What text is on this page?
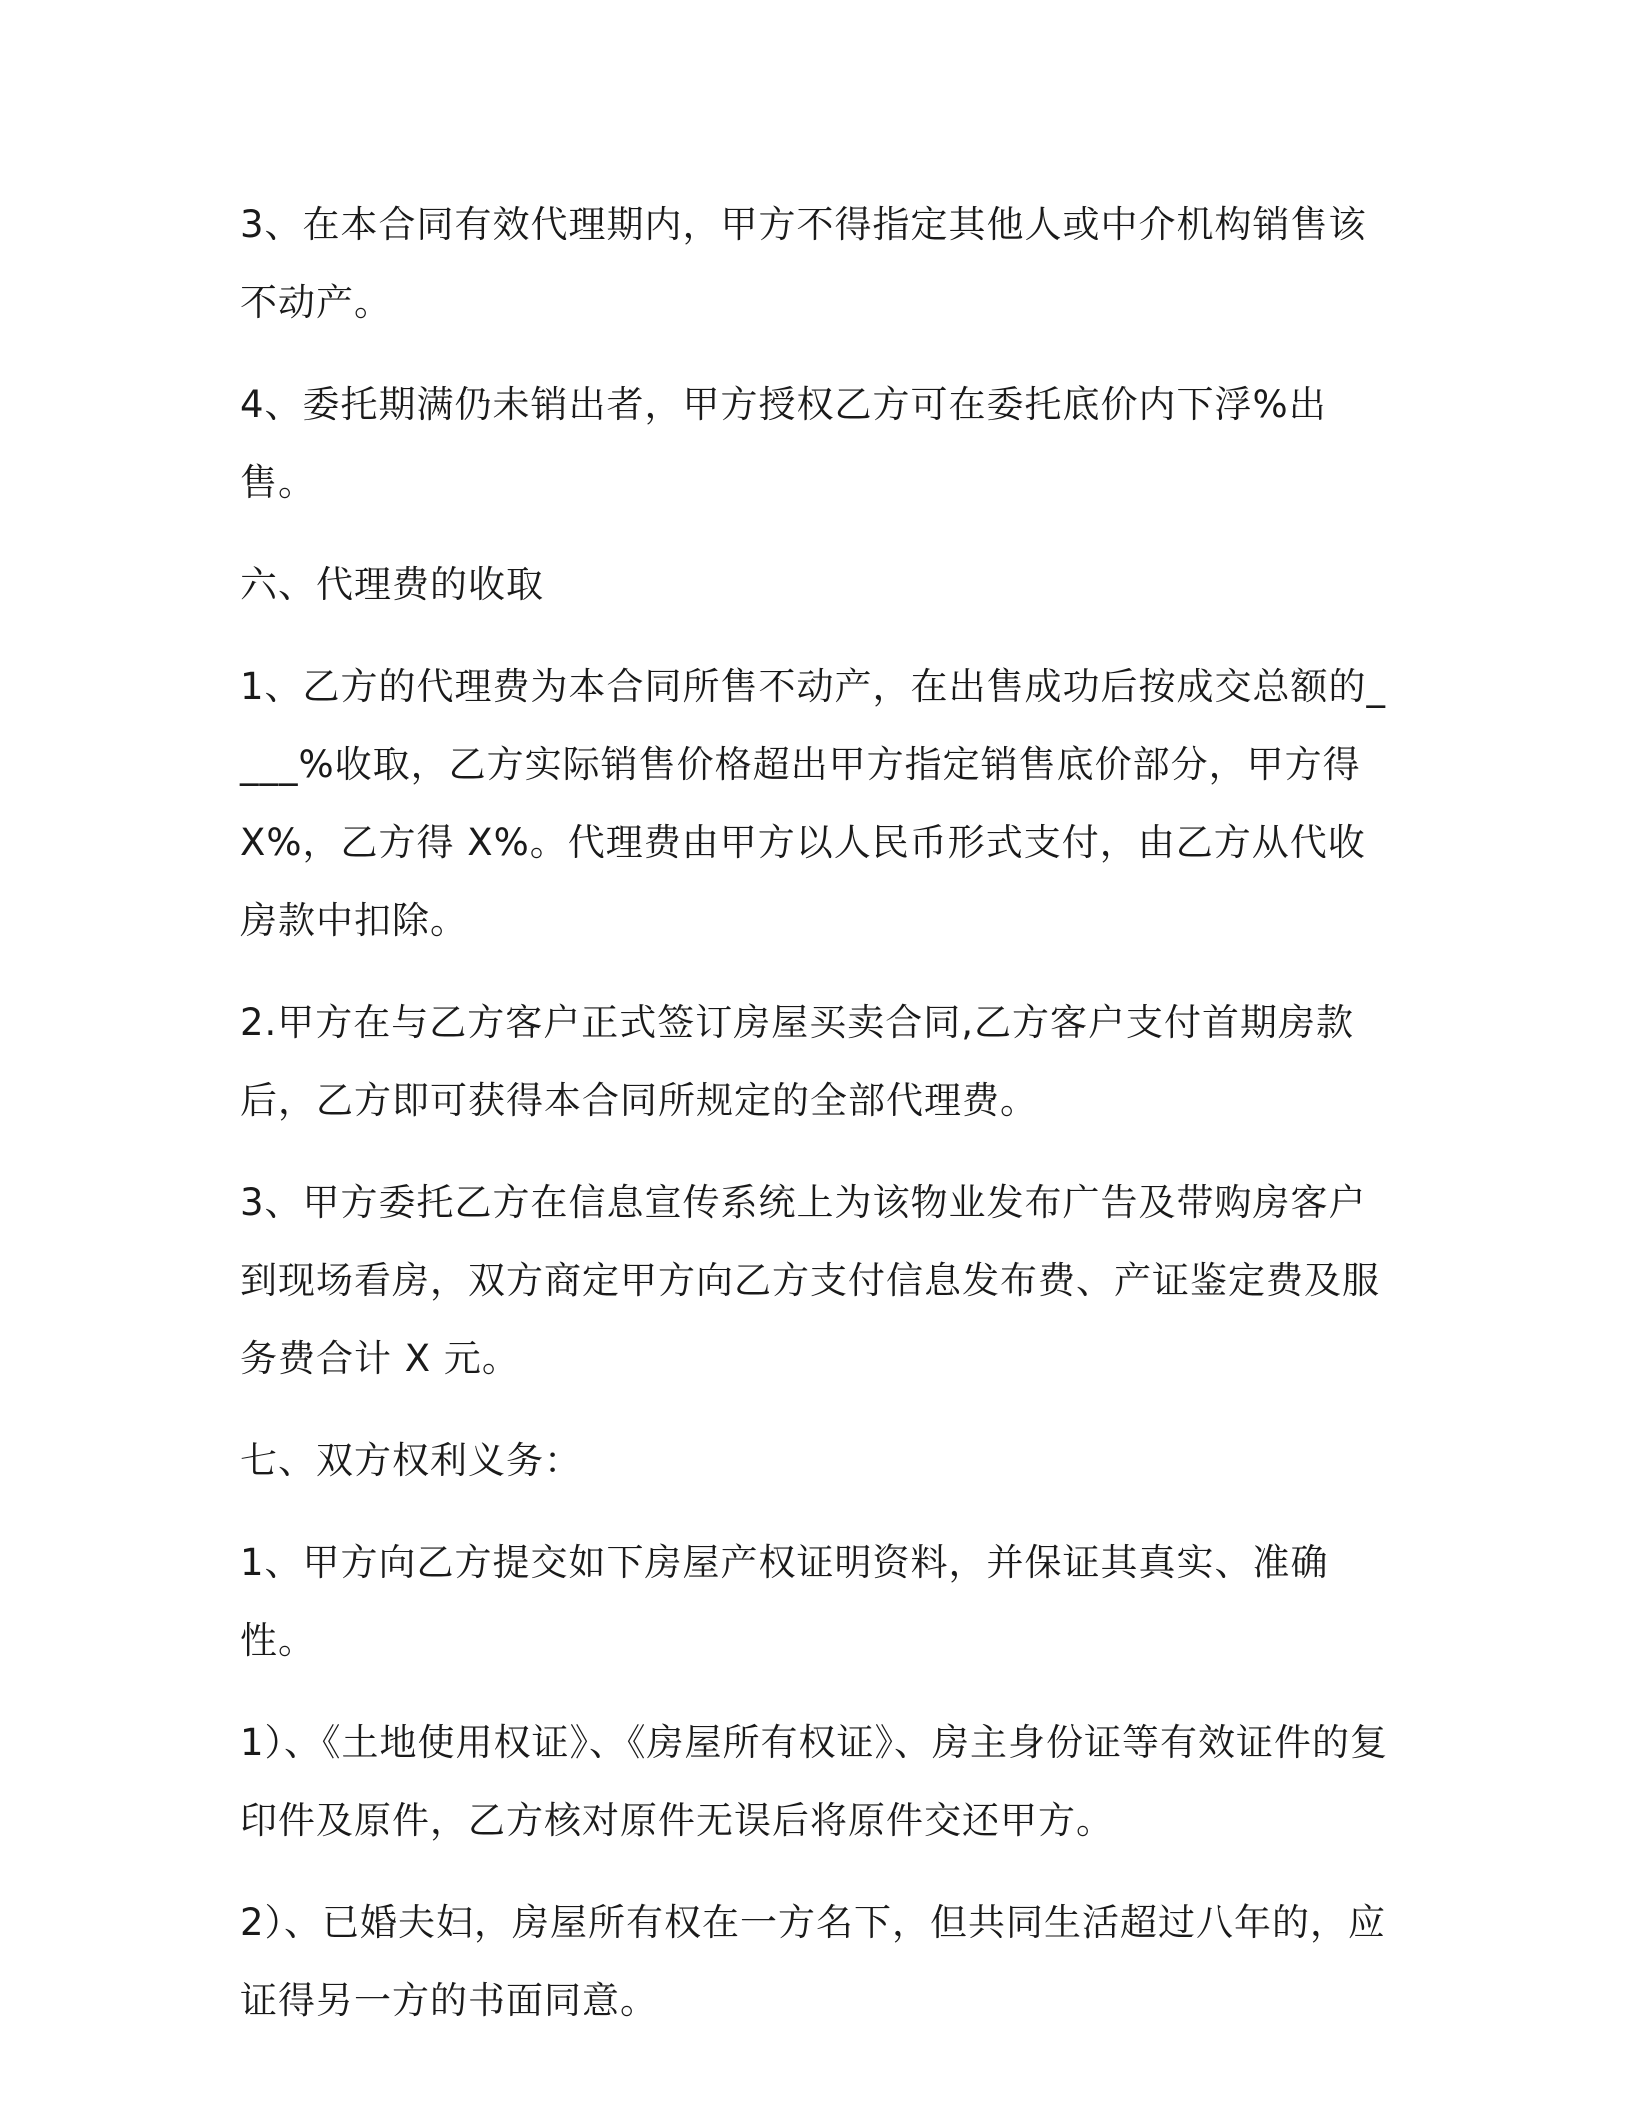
3、在本合同有效代理期内，甲方不得指定其他人或中介机构销售该不动产。

4、委托期满仍未销出者，甲方授权乙方可在委托底价内下浮%出售。

六、代理费的收取

1、乙方的代理费为本合同所售不动产，在出售成功后按成交总额的____%收取，乙方实际销售价格超出甲方指定销售底价部分，甲方得X%，乙方得 X%。代理费由甲方以人民币形式支付，由乙方从代收房款中扣除。

2.甲方在与乙方客户正式签订房屋买卖合同,乙方客户支付首期房款后，乙方即可获得本合同所规定的全部代理费。

3、甲方委托乙方在信息宣传系统上为该物业发布广告及带购房客户到现场看房，双方商定甲方向乙方支付信息发布费、产证鉴定费及服务费合计 X 元。

七、双方权利义务：

1、甲方向乙方提交如下房屋产权证明资料，并保证其真实、准确性。

1）、《土地使用权证》、《房屋所有权证》、房主身份证等有效证件的复印件及原件，乙方核对原件无误后将原件交还甲方。

2）、已婚夫妇，房屋所有权在一方名下，但共同生活超过八年的，应证得另一方的书面同意。
